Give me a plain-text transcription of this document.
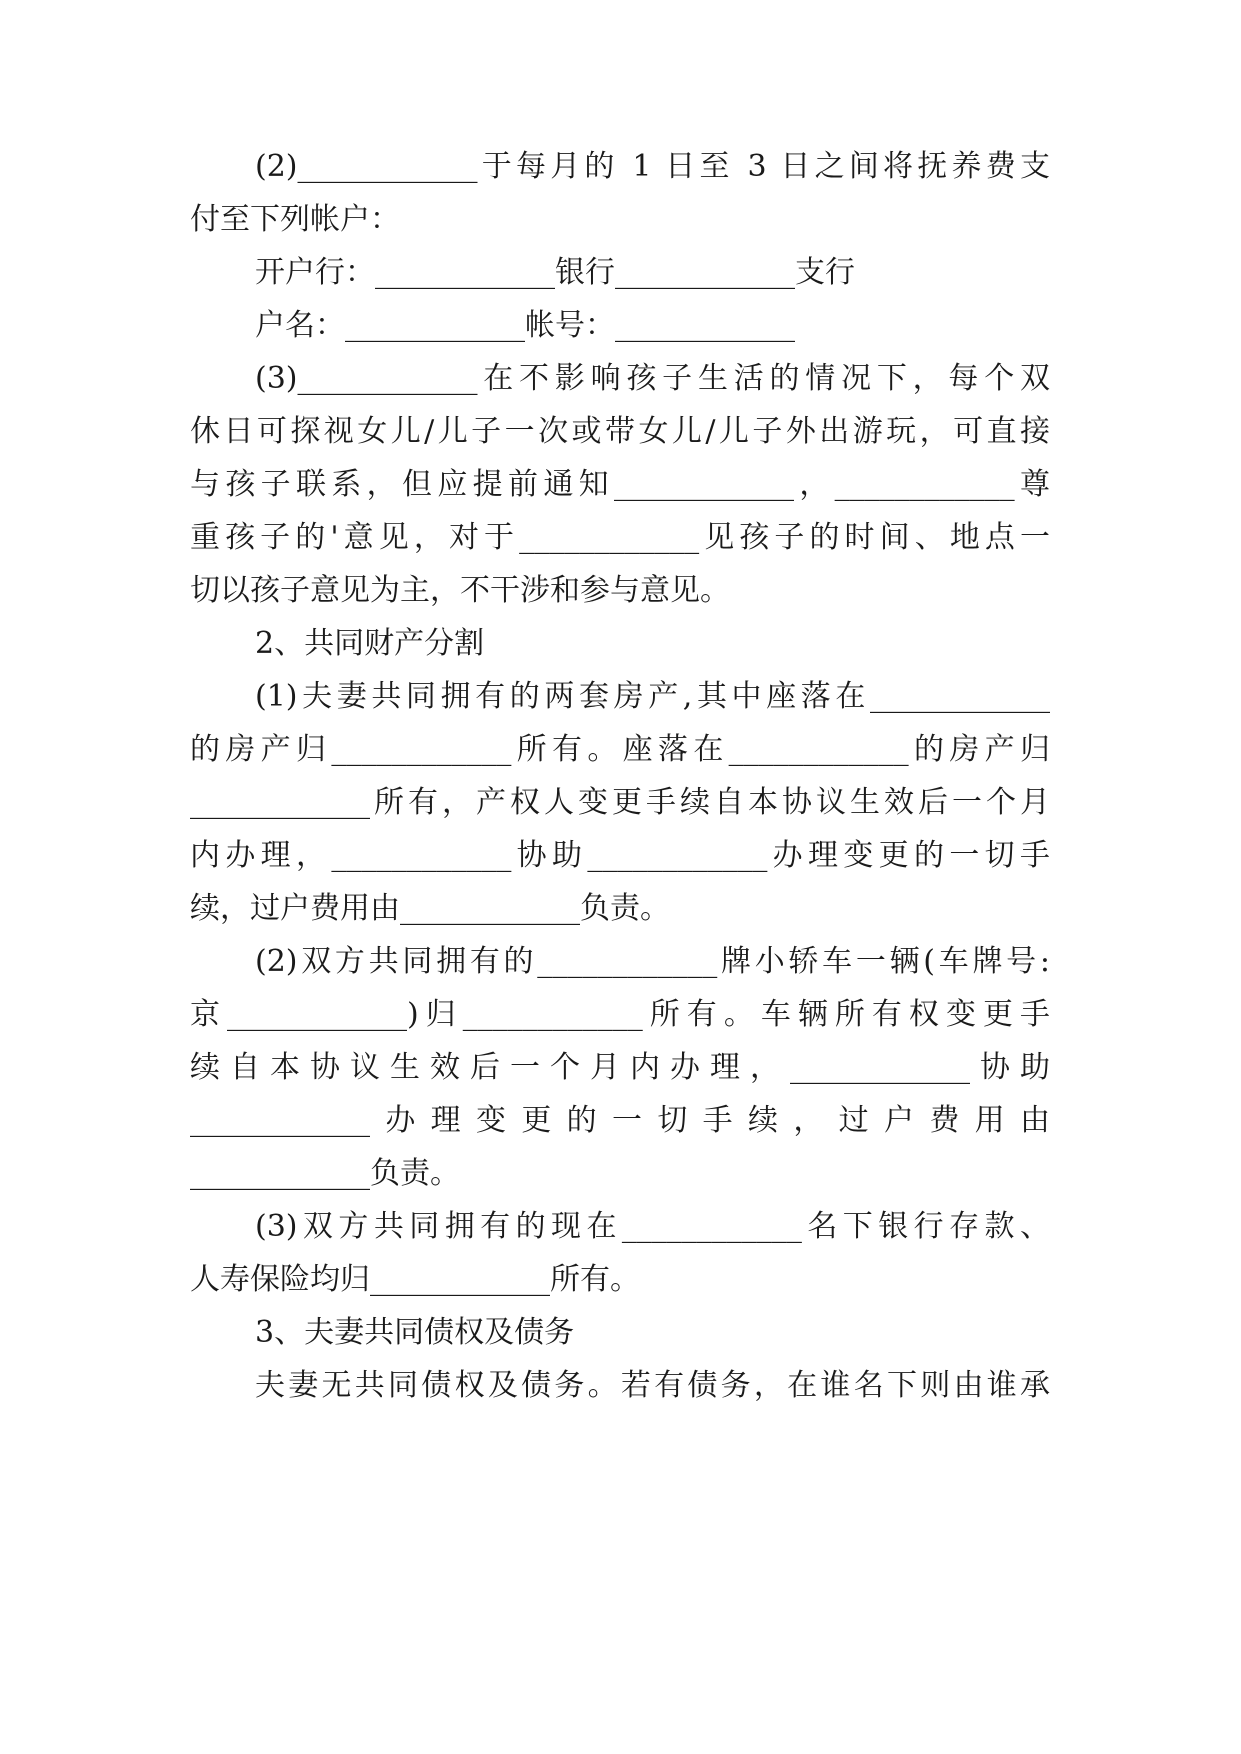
(2)____________于每月的 1 日至 3 日之间将抚养费支
付至下列帐户：
开户行：____________银行____________支行
户名：____________帐号：____________
(3)____________在不影响孩子生活的情况下，每个双
休日可探视女儿/儿子一次或带女儿/儿子外出游玩，可直接
与孩子联系，但应提前通知____________，____________尊
重孩子的'意见，对于____________见孩子的时间、地点一
切以孩子意见为主，不干涉和参与意见。
2、共同财产分割
(1)夫妻共同拥有的两套房产,其中座落在____________
的房产归____________所有。座落在____________的房产归
____________所有，产权人变更手续自本协议生效后一个月
内办理，____________协助____________办理变更的一切手
续，过户费用由____________负责。
(2)双方共同拥有的____________牌小轿车一辆(车牌号:
京____________)归____________所有。车辆所有权变更手
续自本协议生效后一个月内办理，____________协助
____________办理变更的一切手续，过户费用由
____________负责。
(3)双方共同拥有的现在____________名下银行存款、
人寿保险均归____________所有。
3、夫妻共同债权及债务
夫妻无共同债权及债务。若有债务，在谁名下则由谁承
